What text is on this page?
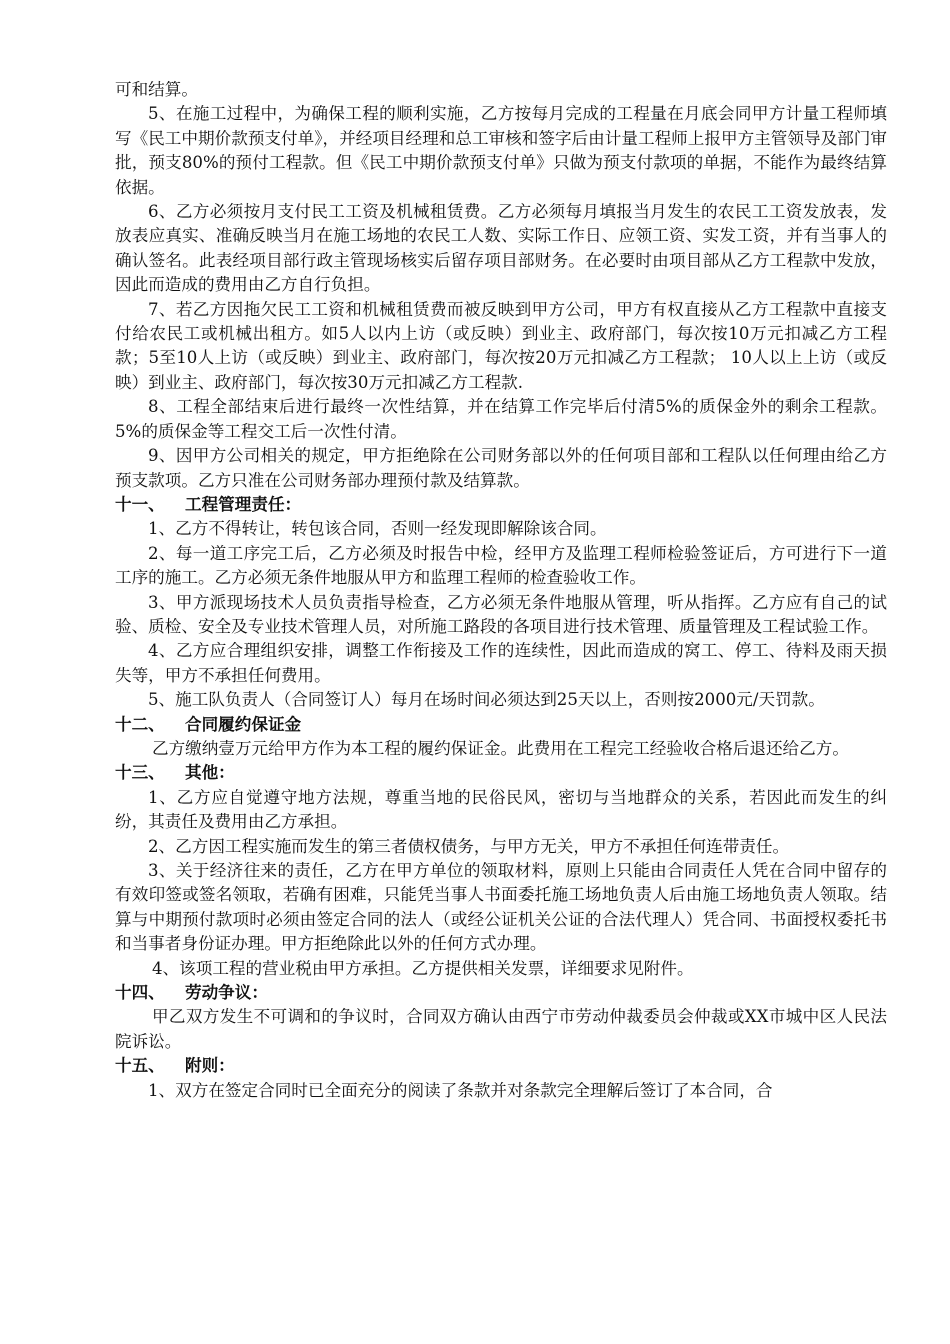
可和结算。

5、在施工过程中，为确保工程的顺利实施，乙方按每月完成的工程量在月底会同甲方计量工程师填写《民工中期价款预支付单》，并经项目经理和总工审核和签字后由计量工程师上报甲方主管领导及部门审批，预支80%的预付工程款。但《民工中期价款预支付单》只做为预支付款项的单据，不能作为最终结算依据。

6、乙方必须按月支付民工工资及机械租赁费。乙方必须每月填报当月发生的农民工工资发放表，发放表应真实、准确反映当月在施工场地的农民工人数、实际工作日、应领工资、实发工资，并有当事人的确认签名。此表经项目部行政主管现场核实后留存项目部财务。在必要时由项目部从乙方工程款中发放，因此而造成的费用由乙方自行负担。

7、若乙方因拖欠民工工资和机械租赁费而被反映到甲方公司，甲方有权直接从乙方工程款中直接支付给农民工或机械出租方。如5人以内上访（或反映）到业主、政府部门，每次按10万元扣减乙方工程款；5至10人上访（或反映）到业主、政府部门，每次按20万元扣减乙方工程款； 10人以上上访（或反映）到业主、政府部门，每次按30万元扣减乙方工程款.

8、工程全部结束后进行最终一次性结算，并在结算工作完毕后付清5%的质保金外的剩余工程款。5%的质保金等工程交工后一次性付清。

9、因甲方公司相关的规定，甲方拒绝除在公司财务部以外的任何项目部和工程队以任何理由给乙方预支款项。乙方只准在公司财务部办理预付款及结算款。

十一、 工程管理责任：

1、乙方不得转让，转包该合同，否则一经发现即解除该合同。

2、每一道工序完工后，乙方必须及时报告中检，经甲方及监理工程师检验签证后，方可进行下一道工序的施工。乙方必须无条件地服从甲方和监理工程师的检查验收工作。

3、甲方派现场技术人员负责指导检查，乙方必须无条件地服从管理，听从指挥。乙方应有自己的试验、质检、安全及专业技术管理人员，对所施工路段的各项目进行技术管理、质量管理及工程试验工作。

4、乙方应合理组织安排，调整工作衔接及工作的连续性，因此而造成的窝工、停工、待料及雨天损失等，甲方不承担任何费用。

5、施工队负责人（合同签订人）每月在场时间必须达到25天以上，否则按2000元/天罚款。

十二、 合同履约保证金

乙方缴纳壹万元给甲方作为本工程的履约保证金。此费用在工程完工经验收合格后退还给乙方。

十三、 其他：

1、乙方应自觉遵守地方法规，尊重当地的民俗民风，密切与当地群众的关系，若因此而发生的纠纷，其责任及费用由乙方承担。

2、乙方因工程实施而发生的第三者债权债务，与甲方无关，甲方不承担任何连带责任。

3、关于经济往来的责任，乙方在甲方单位的领取材料，原则上只能由合同责任人凭在合同中留存的有效印签或签名领取，若确有困难，只能凭当事人书面委托施工场地负责人后由施工场地负责人领取。结算与中期预付款项时必须由签定合同的法人（或经公证机关公证的合法代理人）凭合同、书面授权委托书和当事者身份证办理。甲方拒绝除此以外的任何方式办理。

4、该项工程的营业税由甲方承担。乙方提供相关发票，详细要求见附件。

十四、 劳动争议：

甲乙双方发生不可调和的争议时，合同双方确认由西宁市劳动仲裁委员会仲裁或XX市城中区人民法院诉讼。

十五、 附则：

1、双方在签定合同时已全面充分的阅读了条款并对条款完全理解后签订了本合同，合
